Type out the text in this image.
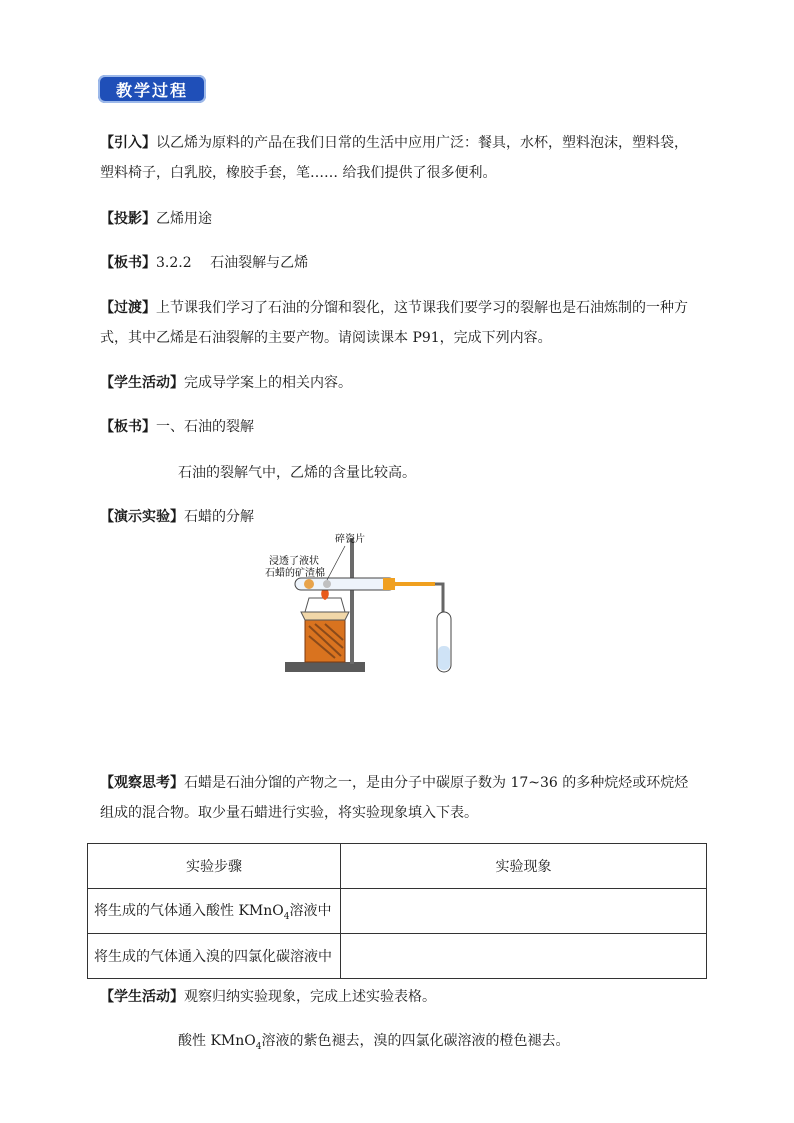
教学过程

【引入】以乙烯为原料的产品在我们日常的生活中应用广泛：餐具，水杯，塑料泡沫，塑料袋，塑料椅子，白乳胶，橡胶手套，笔…… 给我们提供了很多便利。

【投影】乙烯用途

【板书】3.2.2　 石油裂解与乙烯

【过渡】上节课我们学习了石油的分馏和裂化，这节课我们要学习的裂解也是石油炼制的一种方式，其中乙烯是石油裂解的主要产物。请阅读课本 P91，完成下列内容。

【学生活动】完成导学案上的相关内容。

【板书】一、石油的裂解

石油的裂解气中，乙烯的含量比较高。

【演示实验】石蜡的分解

碎瓷片
浸透了液状
石蜡的矿渣棉

【观察思考】石蜡是石油分馏的产物之一，是由分子中碳原子数为 17~36 的多种烷烃或环烷烃组成的混合物。取少量石蜡进行实验，将实验现象填入下表。

实验步骤	实验现象
将生成的气体通入酸性 KMnO$_4$溶液中	
将生成的气体通入溴的四氯化碳溶液中	

【学生活动】观察归纳实验现象，完成上述实验表格。

酸性 KMnO$_4$溶液的紫色褪去，溴的四氯化碳溶液的橙色褪去。
